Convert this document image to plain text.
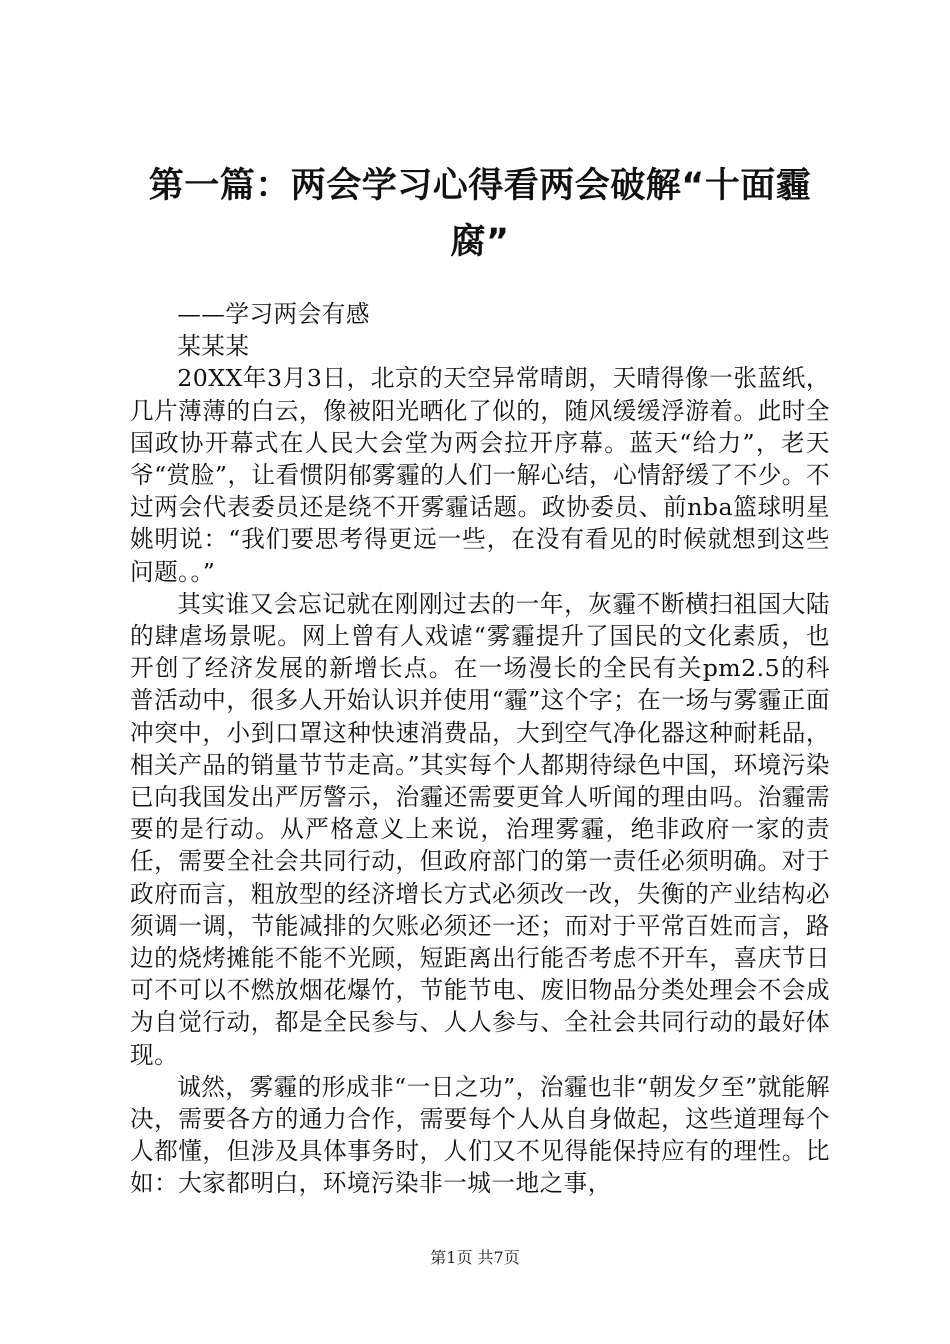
第一篇：两会学习心得看两会破解“十面霾
腐”

——学习两会有感

某某某

20XX年3月3日，北京的天空异常晴朗，天晴得像一张蓝纸，几片薄薄的白云，像被阳光晒化了似的，随风缓缓浮游着。此时全国政协开幕式在人民大会堂为两会拉开序幕。蓝天“给力”，老天爷“赏脸”，让看惯阴郁雾霾的人们一解心结，心情舒缓了不少。不过两会代表委员还是绕不开雾霾话题。政协委员、前nba篮球明星姚明说：“我们要思考得更远一些，在没有看见的时候就想到这些问题。。”

其实谁又会忘记就在刚刚过去的一年，灰霾不断横扫祖国大陆的肆虐场景呢。网上曾有人戏谑“雾霾提升了国民的文化素质，也开创了经济发展的新增长点。在一场漫长的全民有关pm2.5的科普活动中，很多人开始认识并使用“霾”这个字；在一场与雾霾正面冲突中，小到口罩这种快速消费品，大到空气净化器这种耐耗品，相关产品的销量节节走高。”其实每个人都期待绿色中国，环境污染已向我国发出严厉警示，治霾还需要更耸人听闻的理由吗。治霾需要的是行动。从严格意义上来说，治理雾霾，绝非政府一家的责任，需要全社会共同行动，但政府部门的第一责任必须明确。对于政府而言，粗放型的经济增长方式必须改一改，失衡的产业结构必须调一调，节能减排的欠账必须还一还；而对于平常百姓而言，路边的烧烤摊能不能不光顾，短距离出行能否考虑不开车，喜庆节日可不可以不燃放烟花爆竹，节能节电、废旧物品分类处理会不会成为自觉行动，都是全民参与、人人参与、全社会共同行动的最好体现。

诚然，雾霾的形成非“一日之功”，治霾也非“朝发夕至”就能解决，需要各方的通力合作，需要每个人从自身做起，这些道理每个人都懂，但涉及具体事务时，人们又不见得能保持应有的理性。比如：大家都明白，环境污染非一城一地之事，

第1页 共7页
